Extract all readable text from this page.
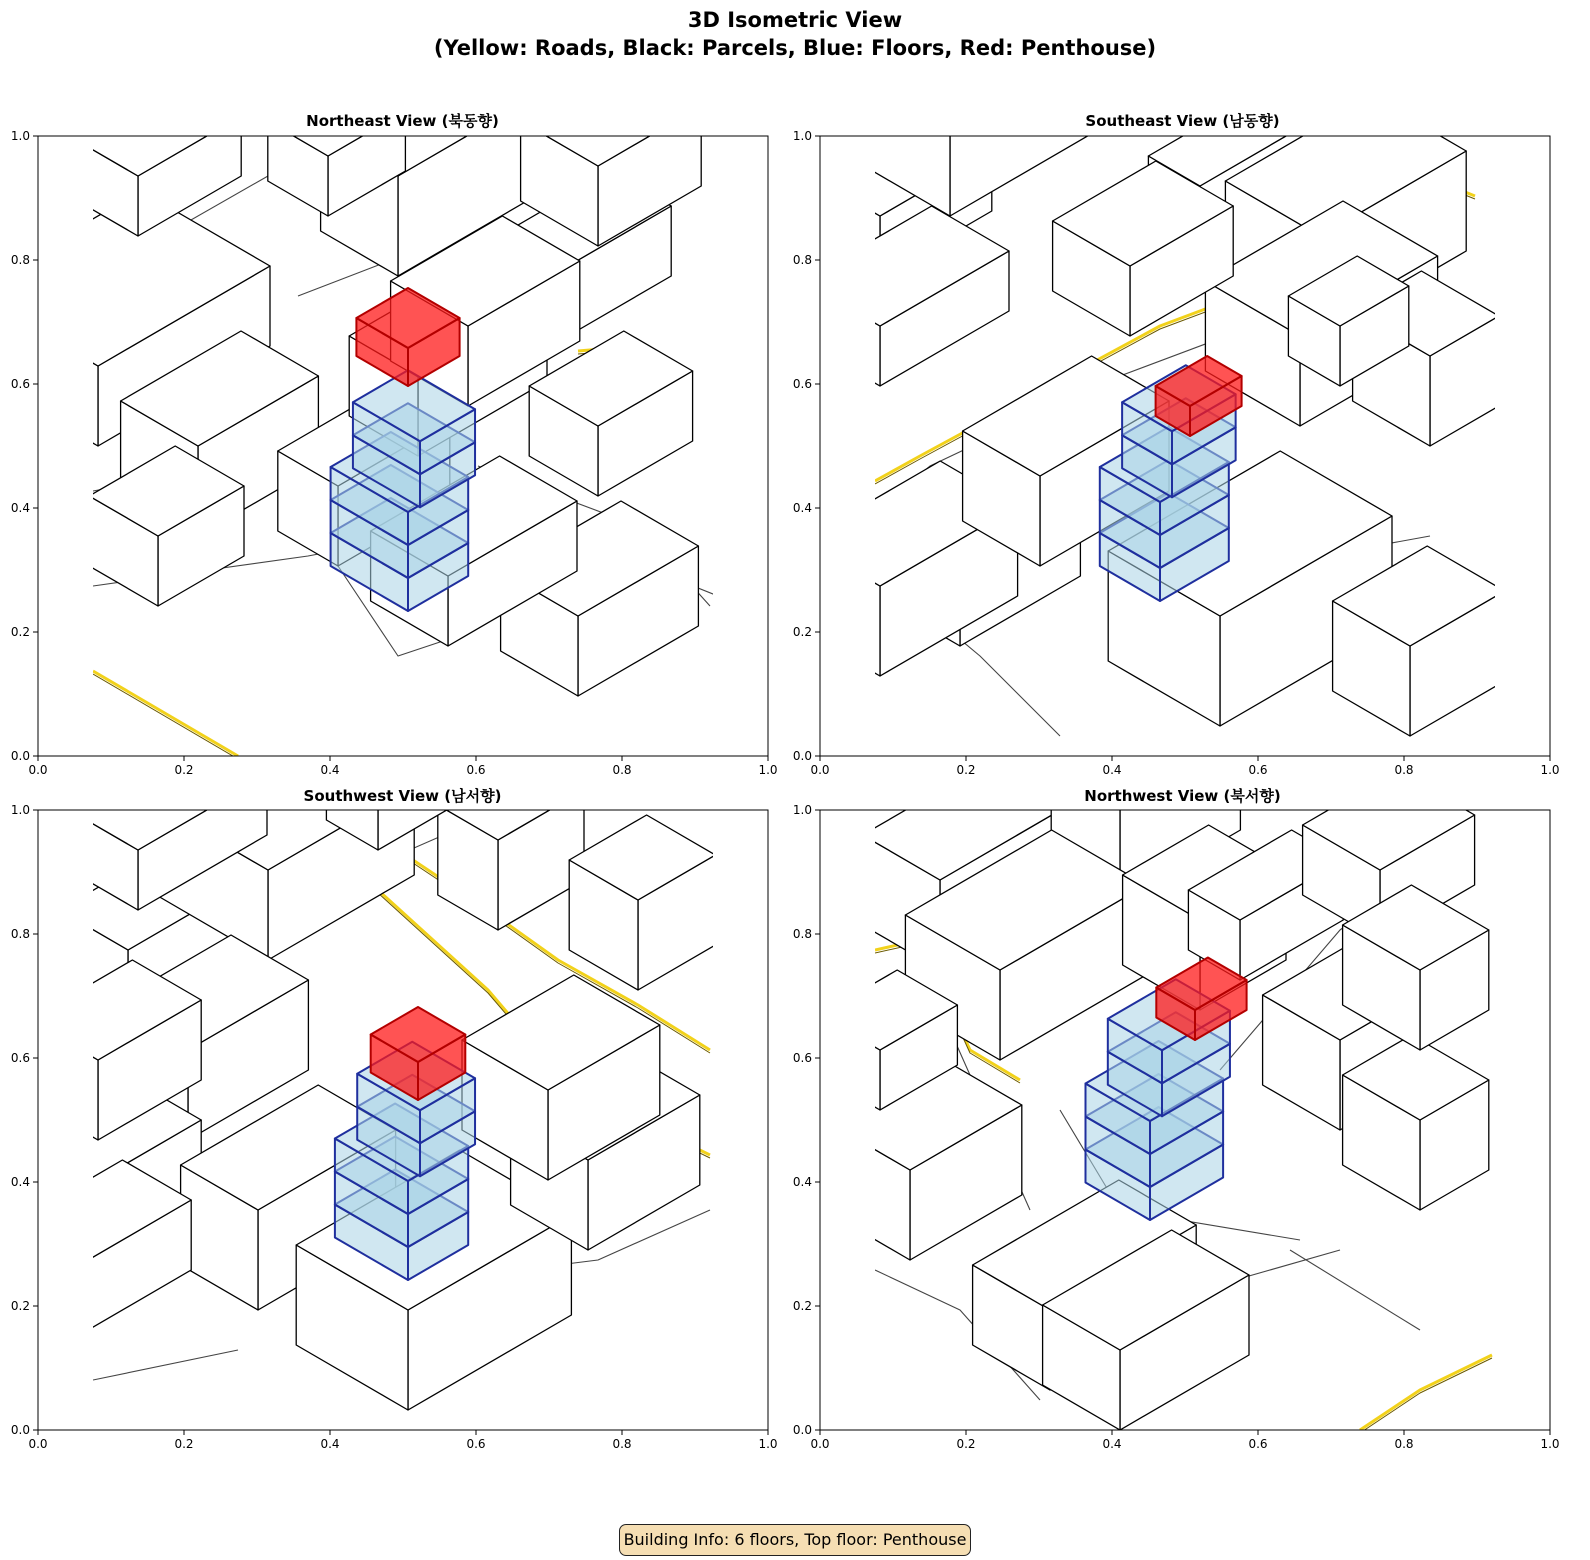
3D Isometric View
(Yellow: Roads, Black: Parcels, Blue: Floors, Red: Penthouse)
Northeast View (북동향)	Southeast View (남동향)
Southwest View (남서향)	Northwest View (북서향)
0.0	0.2	0.4	0.6	0.8	1.0
0.0
0.2
0.4
0.6
0.8
1.0
0.0	0.2	0.4	0.6	0.8	1.0
0.0
0.2
0.4
0.6
0.8
1.0
0.0	0.2	0.4	0.6	0.8	1.0
0.0
0.2
0.4
0.6
0.8
1.0
0.0	0.2	0.4	0.6	0.8	1.0
0.0
0.2
0.4
0.6
0.8
1.0
Building Info: 6 floors, Top floor: Penthouse
